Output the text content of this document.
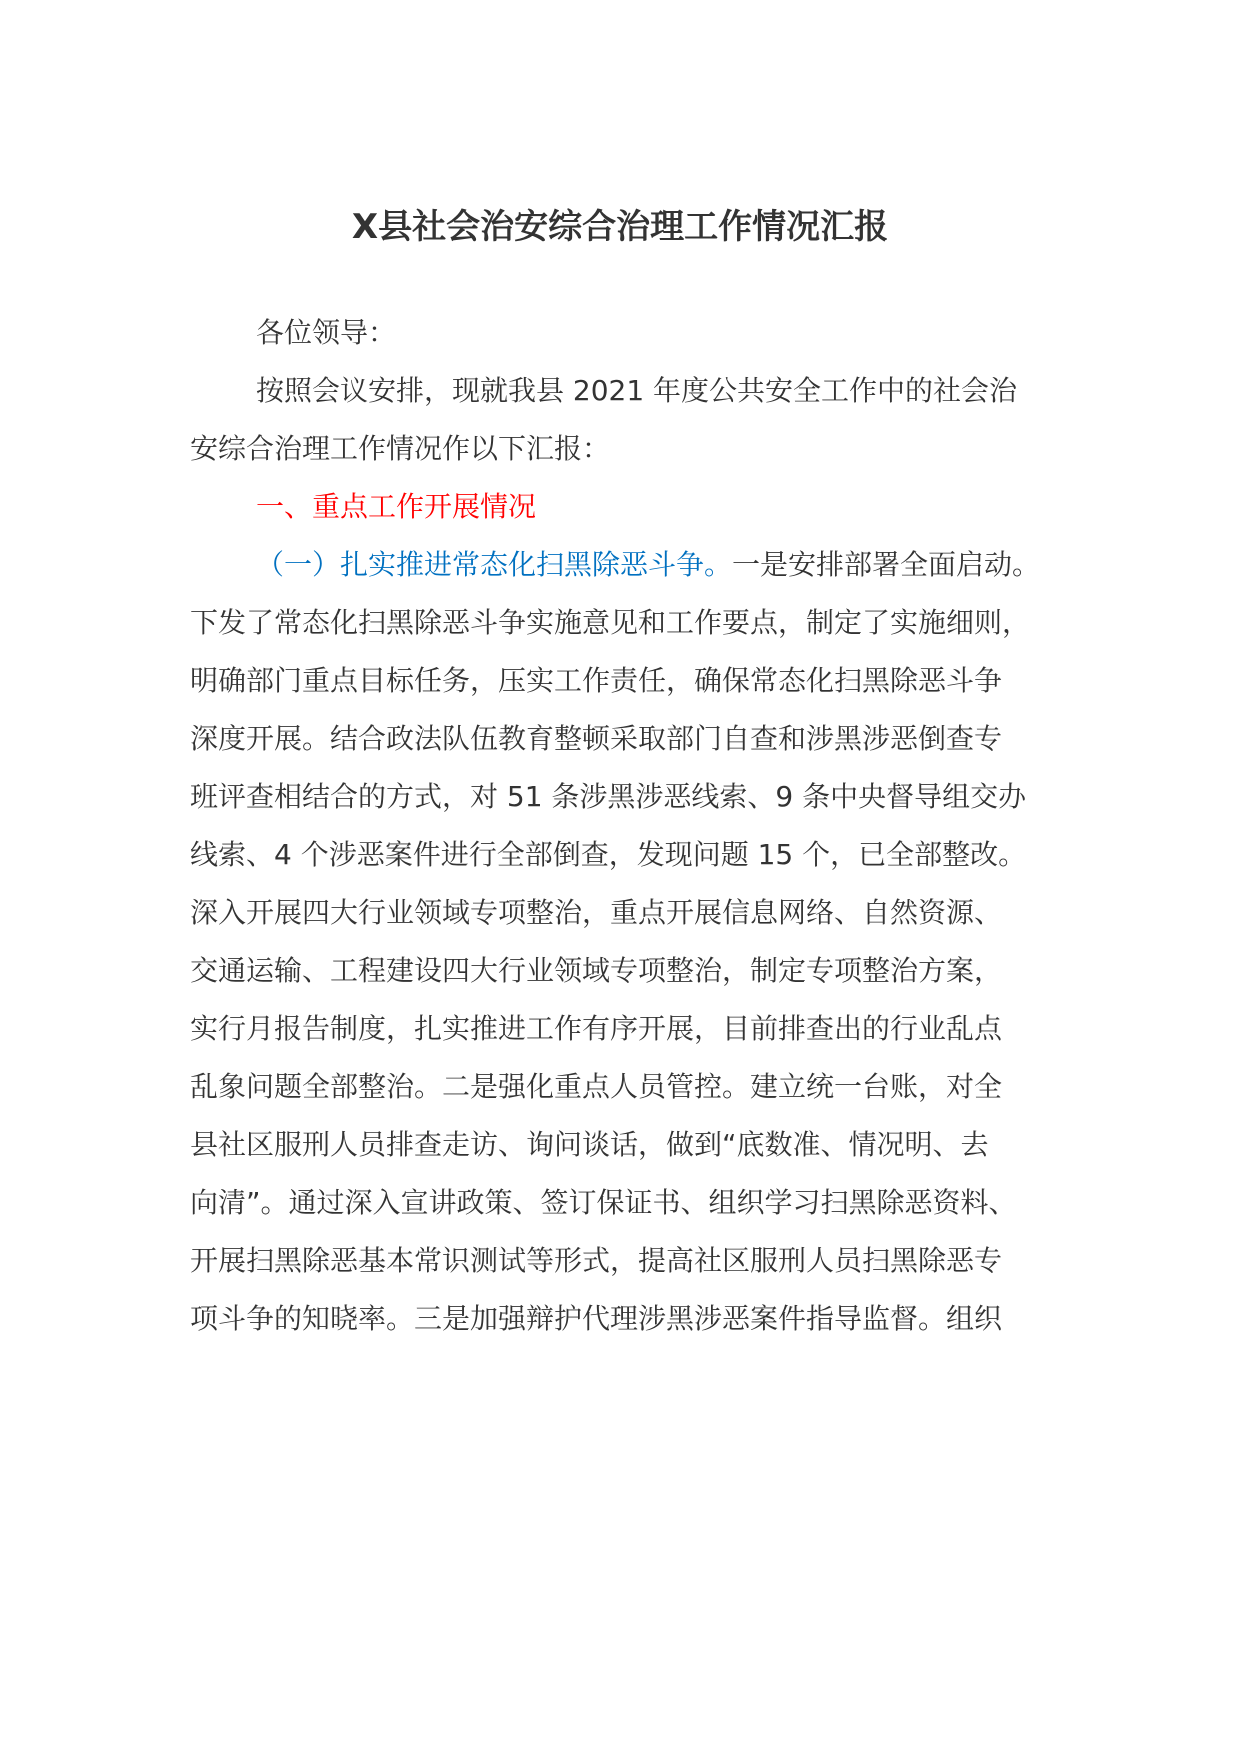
X县社会治安综合治理工作情况汇报

各位领导：

按照会议安排，现就我县 2021 年度公共安全工作中的社会治

安综合治理工作情况作以下汇报：

一、重点工作开展情况

（一）扎实推进常态化扫黑除恶斗争。一是安排部署全面启动。

下发了常态化扫黑除恶斗争实施意见和工作要点，制定了实施细则，

明确部门重点目标任务，压实工作责任，确保常态化扫黑除恶斗争

深度开展。结合政法队伍教育整顿采取部门自查和涉黑涉恶倒查专

班评查相结合的方式，对 51 条涉黑涉恶线索、9 条中央督导组交办

线索、4 个涉恶案件进行全部倒查，发现问题 15 个，已全部整改。

深入开展四大行业领域专项整治，重点开展信息网络、自然资源、

交通运输、工程建设四大行业领域专项整治，制定专项整治方案，

实行月报告制度，扎实推进工作有序开展，目前排查出的行业乱点

乱象问题全部整治。二是强化重点人员管控。建立统一台账，对全

县社区服刑人员排查走访、询问谈话，做到“底数准、情况明、去

向清”。通过深入宣讲政策、签订保证书、组织学习扫黑除恶资料、

开展扫黑除恶基本常识测试等形式，提高社区服刑人员扫黑除恶专

项斗争的知晓率。三是加强辩护代理涉黑涉恶案件指导监督。组织
